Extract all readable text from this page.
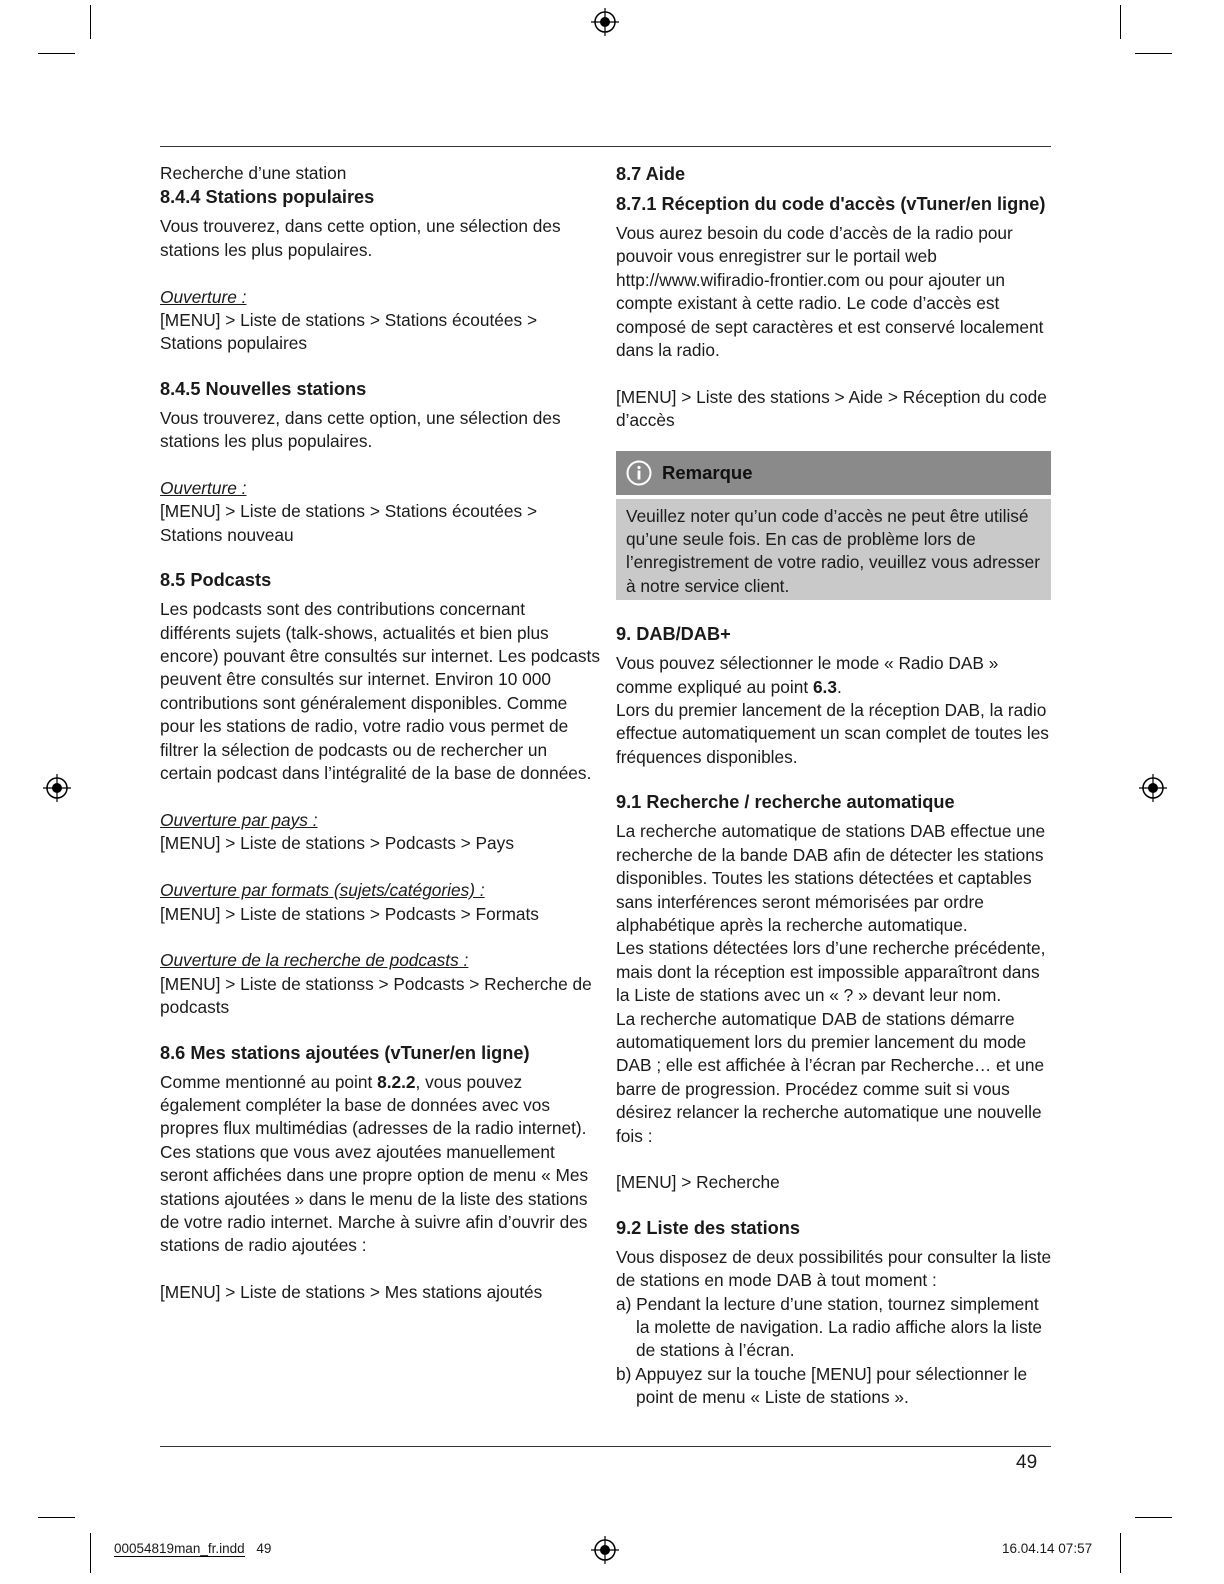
Recherche d’une station

8.4.4 Stations populaires

Vous trouverez, dans cette option, une sélection des stations les plus populaires.

Ouverture :

[MENU] > Liste de stations > Stations écoutées > Stations populaires

8.4.5 Nouvelles stations

Vous trouverez, dans cette option, une sélection des stations les plus populaires.

Ouverture :

[MENU] > Liste de stations > Stations écoutées > Stations nouveau

8.5 Podcasts

Les podcasts sont des contributions concernant différents sujets (talk-shows, actualités et bien plus encore) pouvant être consultés sur internet. Les podcasts peuvent être consultés sur internet. Environ 10 000 contributions sont généralement disponibles. Comme pour les stations de radio, votre radio vous permet de filtrer la sélection de podcasts ou de rechercher un certain podcast dans l’intégralité de la base de données.

Ouverture par pays :

[MENU] > Liste de stations > Podcasts > Pays

Ouverture par formats (sujets/catégories) :

[MENU] > Liste de stations > Podcasts > Formats

Ouverture de la recherche de podcasts :

[MENU] > Liste de stationss > Podcasts > Recherche de podcasts

8.6 Mes stations ajoutées (vTuner/en ligne)

Comme mentionné au point 8.2.2, vous pouvez également compléter la base de données avec vos propres flux multimédias (adresses de la radio internet). Ces stations que vous avez ajoutées manuellement seront affichées dans une propre option de menu « Mes stations ajoutées » dans le menu de la liste des stations de votre radio internet. Marche à suivre afin d’ouvrir des stations de radio ajoutées :

[MENU] > Liste de stations > Mes stations ajoutés

8.7 Aide
8.7.1 Réception du code d'accès (vTuner/en ligne)

Vous aurez besoin du code d’accès de la radio pour pouvoir vous enregistrer sur le portail web http://www.wifiradio-frontier.com ou pour ajouter un compte existant à cette radio. Le code d’accès est composé de sept caractères et est conservé localement dans la radio.

[MENU] > Liste des stations > Aide > Réception du code d’accès

Remarque

Veuillez noter qu’un code d’accès ne peut être utilisé qu’une seule fois. En cas de problème lors de l’enregistrement de votre radio, veuillez vous adresser à notre service client.

9. DAB/DAB+

Vous pouvez sélectionner le mode « Radio DAB » comme expliqué au point 6.3.

Lors du premier lancement de la réception DAB, la radio effectue automatiquement un scan complet de toutes les fréquences disponibles.

9.1 Recherche / recherche automatique

La recherche automatique de stations DAB effectue une recherche de la bande DAB afin de détecter les stations disponibles. Toutes les stations détectées et captables sans interférences seront mémorisées par ordre alphabétique après la recherche automatique.

Les stations détectées lors d’une recherche précédente, mais dont la réception est impossible apparaîtront dans la Liste de stations avec un « ? » devant leur nom.

La recherche automatique DAB de stations démarre automatiquement lors du premier lancement du mode DAB ; elle est affichée à l’écran par Recherche… et une barre de progression. Procédez comme suit si vous désirez relancer la recherche automatique une nouvelle fois :

[MENU] > Recherche

9.2 Liste des stations

Vous disposez de deux possibilités pour consulter la liste de stations en mode DAB à tout moment :

a) Pendant la lecture d’une station, tournez simplement la molette de navigation. La radio affiche alors la liste de stations à l’écran.
b) Appuyez sur la touche [MENU] pour sélectionner le point de menu « Liste de stations ».
49
00054819man_fr.indd 49	16.04.14 07:57
